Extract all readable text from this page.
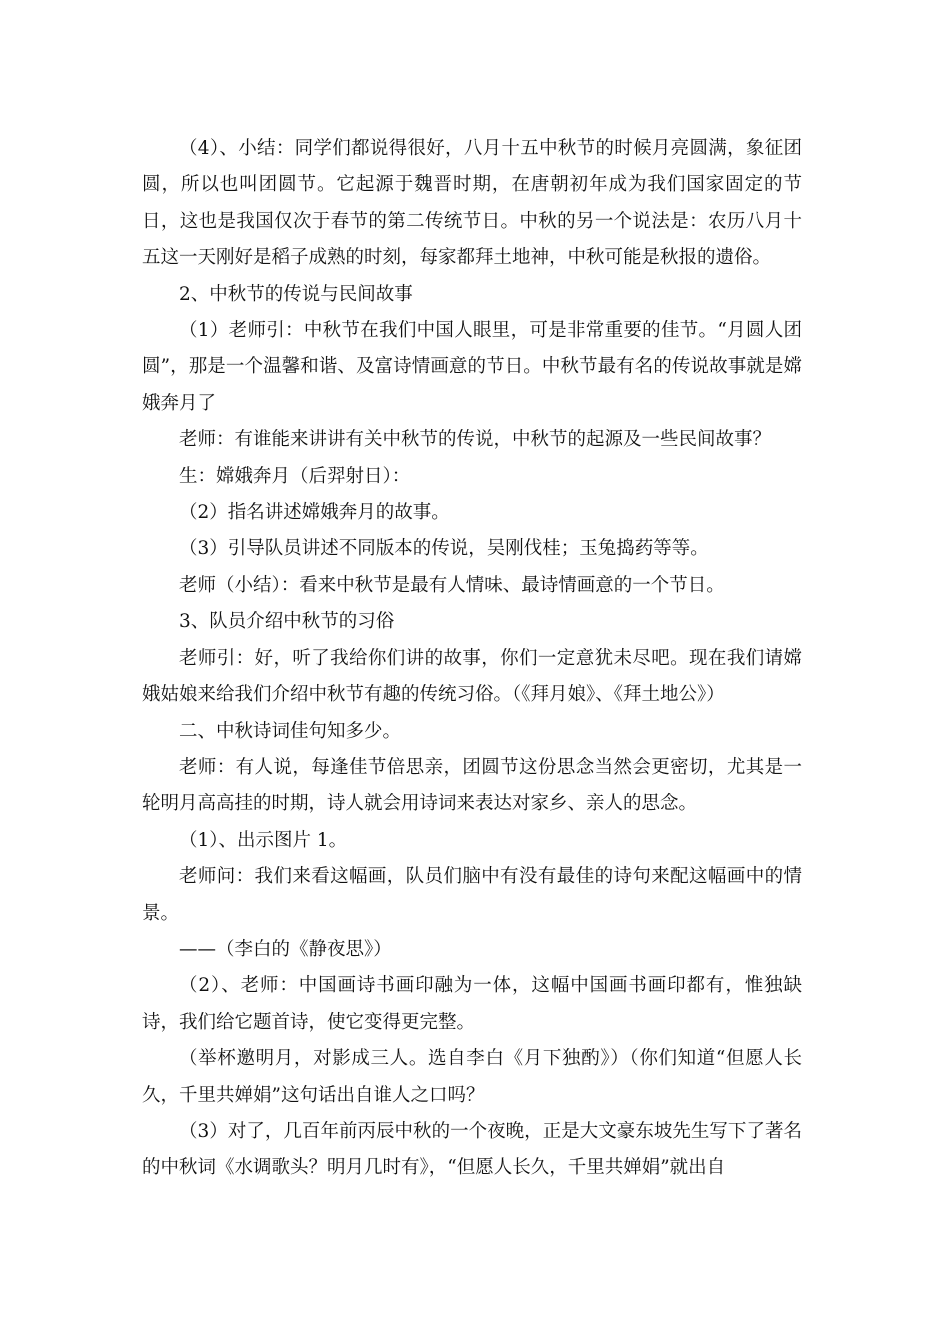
（4）、小结：同学们都说得很好，八月十五中秋节的时候月亮圆满，象征团圆，所以也叫团圆节。它起源于魏晋时期，在唐朝初年成为我们国家固定的节日，这也是我国仅次于春节的第二传统节日。中秋的另一个说法是：农历八月十五这一天刚好是稻子成熟的时刻，每家都拜土地神，中秋可能是秋报的遗俗。

2、中秋节的传说与民间故事

（1）老师引：中秋节在我们中国人眼里，可是非常重要的佳节。“月圆人团圆”，那是一个温馨和谐、及富诗情画意的节日。中秋节最有名的传说故事就是嫦娥奔月了

老师：有谁能来讲讲有关中秋节的传说，中秋节的起源及一些民间故事？

生：嫦娥奔月（后羿射日）：

（2）指名讲述嫦娥奔月的故事。

（3）引导队员讲述不同版本的传说，吴刚伐桂；玉兔捣药等等。

老师（小结）：看来中秋节是最有人情味、最诗情画意的一个节日。

3、队员介绍中秋节的习俗

老师引：好，听了我给你们讲的故事，你们一定意犹未尽吧。现在我们请嫦娥姑娘来给我们介绍中秋节有趣的传统习俗。（《拜月娘》、《拜土地公》）

二、中秋诗词佳句知多少。

老师：有人说，每逢佳节倍思亲，团圆节这份思念当然会更密切，尤其是一轮明月高高挂的时期，诗人就会用诗词来表达对家乡、亲人的思念。

（1）、出示图片 1。

老师问：我们来看这幅画，队员们脑中有没有最佳的诗句来配这幅画中的情景。

——（李白的《静夜思》）

（2）、老师：中国画诗书画印融为一体，这幅中国画书画印都有，惟独缺诗，我们给它题首诗，使它变得更完整。

（举杯邀明月，对影成三人。选自李白《月下独酌》）（你们知道“但愿人长久，千里共婵娟”这句话出自谁人之口吗？

（3）对了，几百年前丙辰中秋的一个夜晚，正是大文豪东坡先生写下了著名的中秋词《水调歌头？明月几时有》，“但愿人长久，千里共婵娟”就出自
